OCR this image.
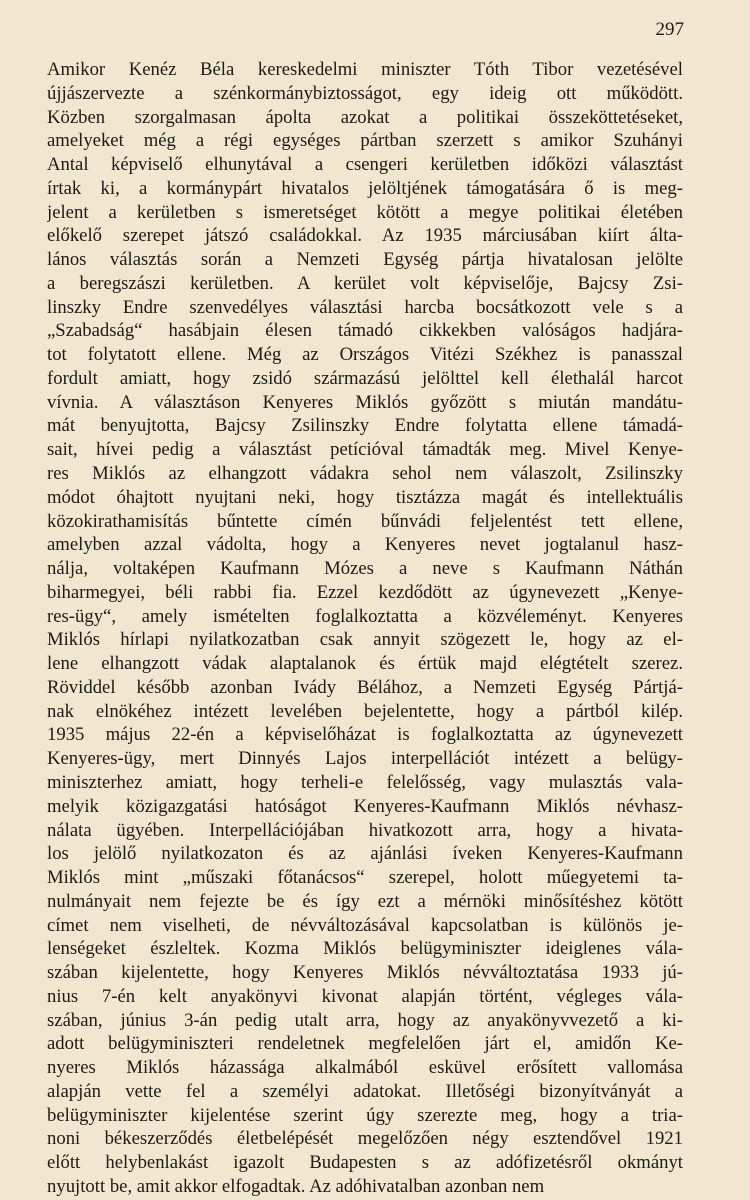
297
Amikor Kenéz Béla kereskedelmi miniszter Tóth Tibor vezetésével
újjászervezte a szénkormánybiztosságot, egy ideig ott működött.
Közben szorgalmasan ápolta azokat a politikai összeköttetéseket,
amelyeket még a régi egységes pártban szerzett s amikor Szuhányi
Antal képviselő elhunytával a csengeri kerületben időközi választást
írtak ki, a kormánypárt hivatalos jelöltjének támogatására ő is meg-
jelent a kerületben s ismeretséget kötött a megye politikai életében
előkelő szerepet játszó családokkal. Az 1935 márciusában kiírt álta-
lános választás során a Nemzeti Egység pártja hivatalosan jelölte
a beregszászi kerületben. A kerület volt képviselője, Bajcsy Zsi-
linszky Endre szenvedélyes választási harcba bocsátkozott vele s a
„Szabadság“ hasábjain élesen támadó cikkekben valóságos hadjára-
tot folytatott ellene. Még az Országos Vitézi Székhez is panasszal
fordult amiatt, hogy zsidó származású jelölttel kell élethalál harcot
vívnia. A választáson Kenyeres Miklós győzött s miután mandátu-
mát benyujtotta, Bajcsy Zsilinszky Endre folytatta ellene támadá-
sait, hívei pedig a választást petícióval támadták meg. Mivel Kenye-
res Miklós az elhangzott vádakra sehol nem válaszolt, Zsilinszky
módot óhajtott nyujtani neki, hogy tisztázza magát és intellektuális
közokirathamisítás bűntette címén bűnvádi feljelentést tett ellene,
amelyben azzal vádolta, hogy a Kenyeres nevet jogtalanul hasz-
nálja, voltaképen Kaufmann Mózes a neve s Kaufmann Náthán
biharmegyei, béli rabbi fia. Ezzel kezdődött az úgynevezett „Kenye-
res-ügy“, amely ismételten foglalkoztatta a közvéleményt. Kenyeres
Miklós hírlapi nyilatkozatban csak annyit szögezett le, hogy az el-
lene elhangzott vádak alaptalanok és értük majd elégtételt szerez.
Röviddel később azonban Ivády Bélához, a Nemzeti Egység Pártjá-
nak elnökéhez intézett levelében bejelentette, hogy a pártból kilép.
1935 május 22-én a képviselőházat is foglalkoztatta az úgynevezett
Kenyeres-ügy, mert Dinnyés Lajos interpellációt intézett a belügy-
miniszterhez amiatt, hogy terheli-e felelősség, vagy mulasztás vala-
melyik közigazgatási hatóságot Kenyeres-Kaufmann Miklós névhasz-
nálata ügyében. Interpellációjában hivatkozott arra, hogy a hivata-
los jelölő nyilatkozaton és az ajánlási íveken Kenyeres-Kaufmann
Miklós mint „műszaki főtanácsos“ szerepel, holott műegyetemi ta-
nulmányait nem fejezte be és így ezt a mérnöki minősítéshez kötött
címet nem viselheti, de névváltozásával kapcsolatban is különös je-
lenségeket észleltek. Kozma Miklós belügyminiszter ideiglenes vála-
szában kijelentette, hogy Kenyeres Miklós névváltoztatása 1933 jú-
nius 7-én kelt anyakönyvi kivonat alapján történt, végleges vála-
szában, június 3-án pedig utalt arra, hogy az anyakönyvvezető a ki-
adott belügyminiszteri rendeletnek megfelelően járt el, amidőn Ke-
nyeres Miklós házassága alkalmából esküvel erősített vallomása
alapján vette fel a személyi adatokat. Illetőségi bizonyítványát a
belügyminiszter kijelentése szerint úgy szerezte meg, hogy a tria-
noni békeszerződés életbelépését megelőzően négy esztendővel 1921
előtt helybenlakást igazolt Budapesten s az adófizetésről okmányt
nyujtott be, amit akkor elfogadtak. Az adóhivatalban azonban nem
